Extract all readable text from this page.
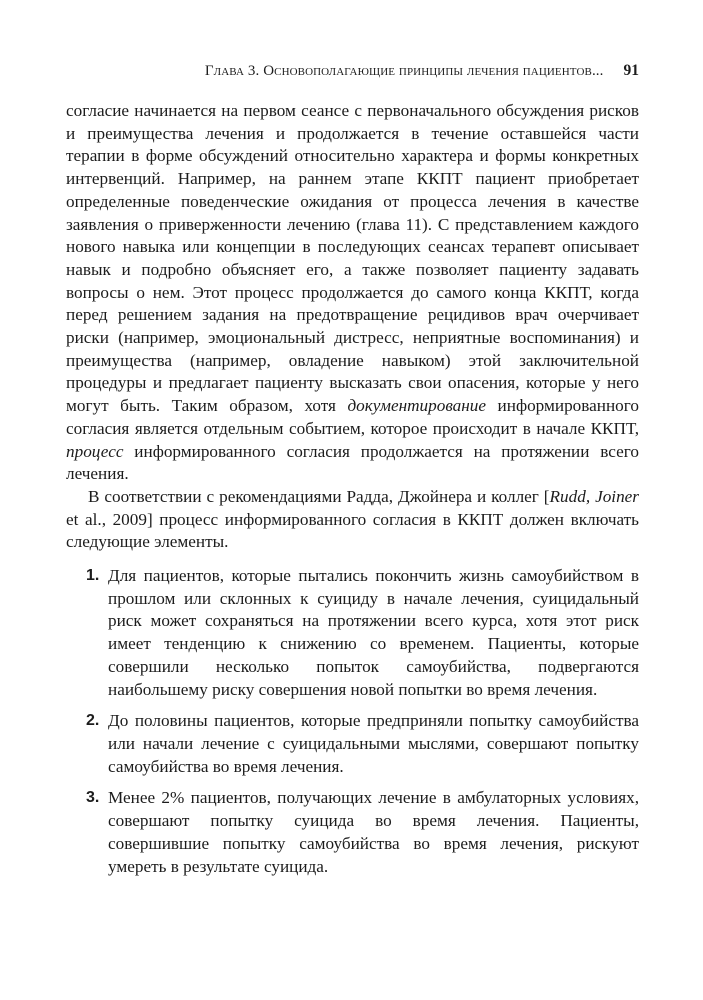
Глава 3. Основополагающие принципы лечения пациентов... 91

согласие начинается на первом сеансе с первоначального обсуждения рисков и преимущества лечения и продолжается в течение оставшейся части терапии в форме обсуждений относительно характера и формы конкретных интервенций. Например, на раннем этапе ККПТ пациент приобретает определенные поведенческие ожидания от процесса лечения в качестве заявления о приверженности лечению (глава 11). С представлением каждого нового навыка или концепции в последующих сеансах терапевт описывает навык и подробно объясняет его, а также позволяет пациенту задавать вопросы о нем. Этот процесс продолжается до самого конца ККПТ, когда перед решением задания на предотвращение рецидивов врач очерчивает риски (например, эмоциональный дистресс, неприятные воспоминания) и преимущества (например, овладение навыком) этой заключительной процедуры и предлагает пациенту высказать свои опасения, которые у него могут быть. Таким образом, хотя документирование информированного согласия является отдельным событием, которое происходит в начале ККПТ, процесс информированного согласия продолжается на протяжении всего лечения.

В соответствии с рекомендациями Радда, Джойнера и коллег [Rudd, Joiner et al., 2009] процесс информированного согласия в ККПТ должен включать следующие элементы.

1. Для пациентов, которые пытались покончить жизнь самоубийством в прошлом или склонных к суициду в начале лечения, суицидальный риск может сохраняться на протяжении всего курса, хотя этот риск имеет тенденцию к снижению со временем. Пациенты, которые совершили несколько попыток самоубийства, подвергаются наибольшему риску совершения новой попытки во время лечения.
2. До половины пациентов, которые предприняли попытку самоубийства или начали лечение с суицидальными мыслями, совершают попытку самоубийства во время лечения.
3. Менее 2% пациентов, получающих лечение в амбулаторных условиях, совершают попытку суицида во время лечения. Пациенты, совершившие попытку самоубийства во время лечения, рискуют умереть в результате суицида.
